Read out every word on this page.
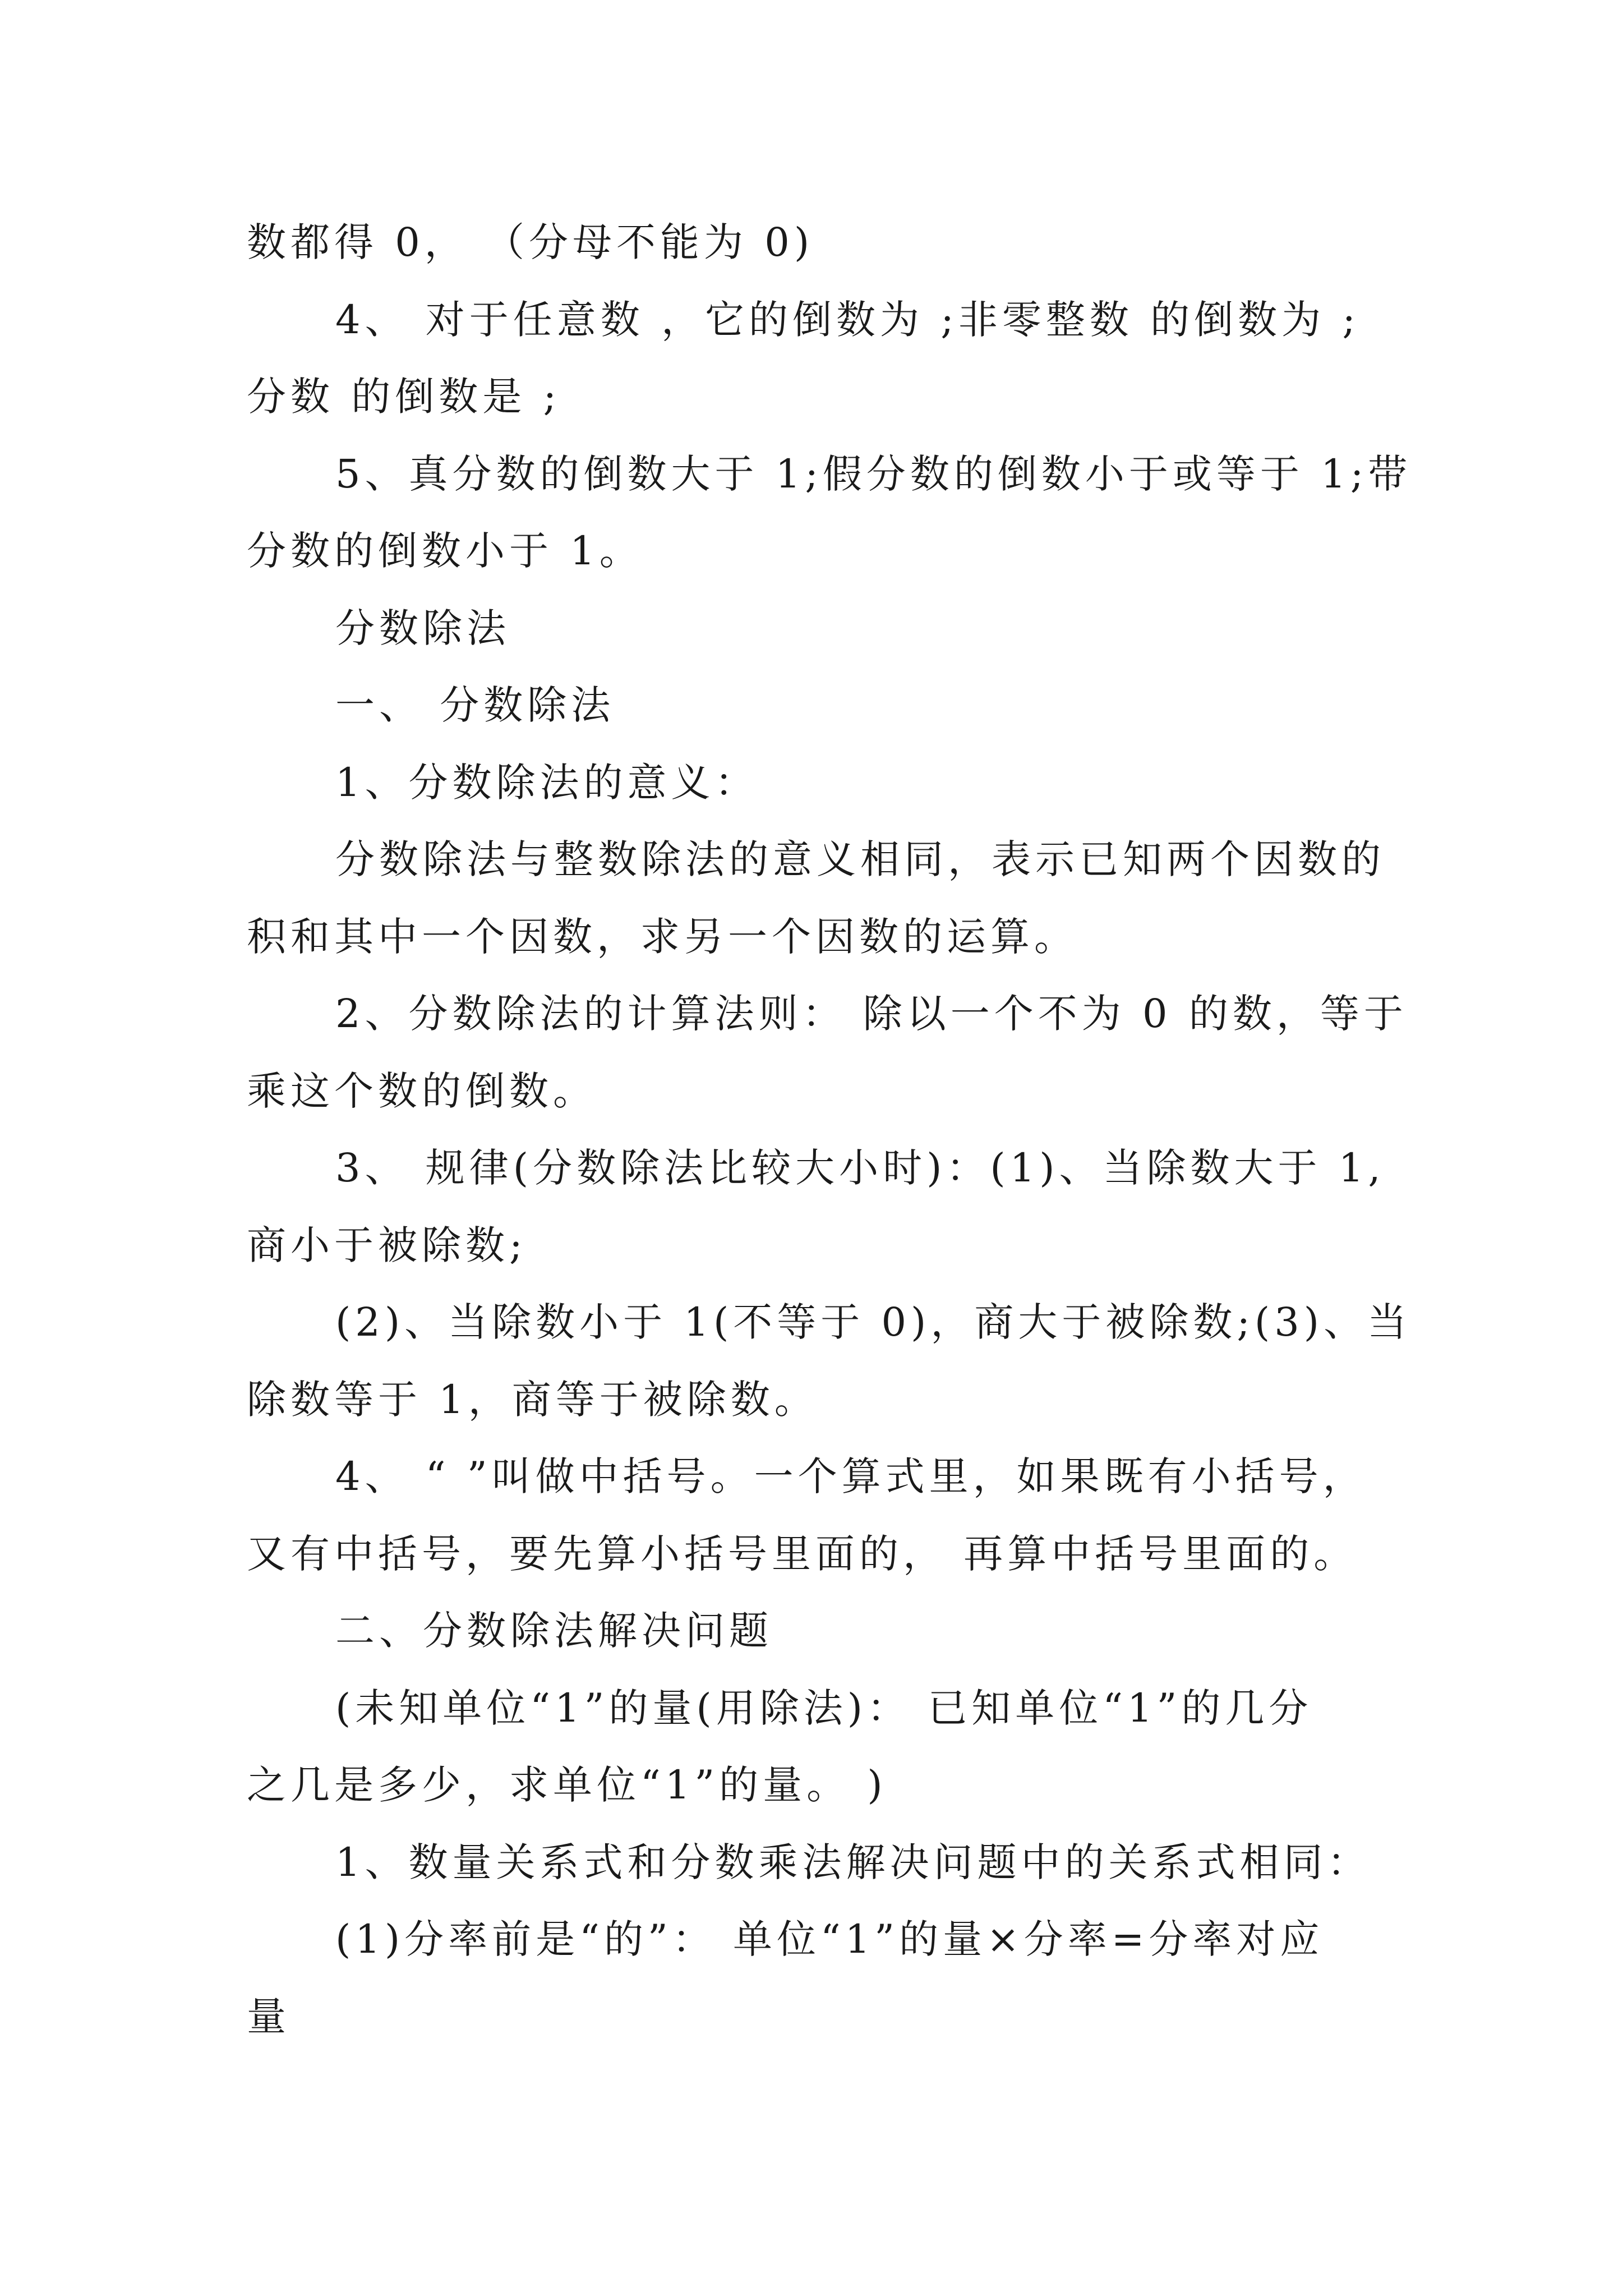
数都得 0， （分母不能为 0)
4、 对于任意数 ，它的倒数为 ;非零整数 的倒数为 ;
分数 的倒数是 ;
5、真分数的倒数大于 1;假分数的倒数小于或等于 1;带
分数的倒数小于 1。
分数除法
一、 分数除法
1、分数除法的意义：
分数除法与整数除法的意义相同，表示已知两个因数的
积和其中一个因数，求另一个因数的运算。
2、分数除法的计算法则： 除以一个不为 0 的数，等于
乘这个数的倒数。
3、 规律(分数除法比较大小时)：(1)、当除数大于 1,
商小于被除数;
(2)、当除数小于 1(不等于 0)，商大于被除数;(3)、当
除数等于 1，商等于被除数。
4、 “ ”叫做中括号。一个算式里，如果既有小括号，
又有中括号，要先算小括号里面的， 再算中括号里面的。
二、分数除法解决问题
(未知单位“1”的量(用除法)： 已知单位“1”的几分
之几是多少，求单位“1”的量。 )
1、数量关系式和分数乘法解决问题中的关系式相同：
(1)分率前是“的”： 单位“1”的量×分率=分率对应
量
